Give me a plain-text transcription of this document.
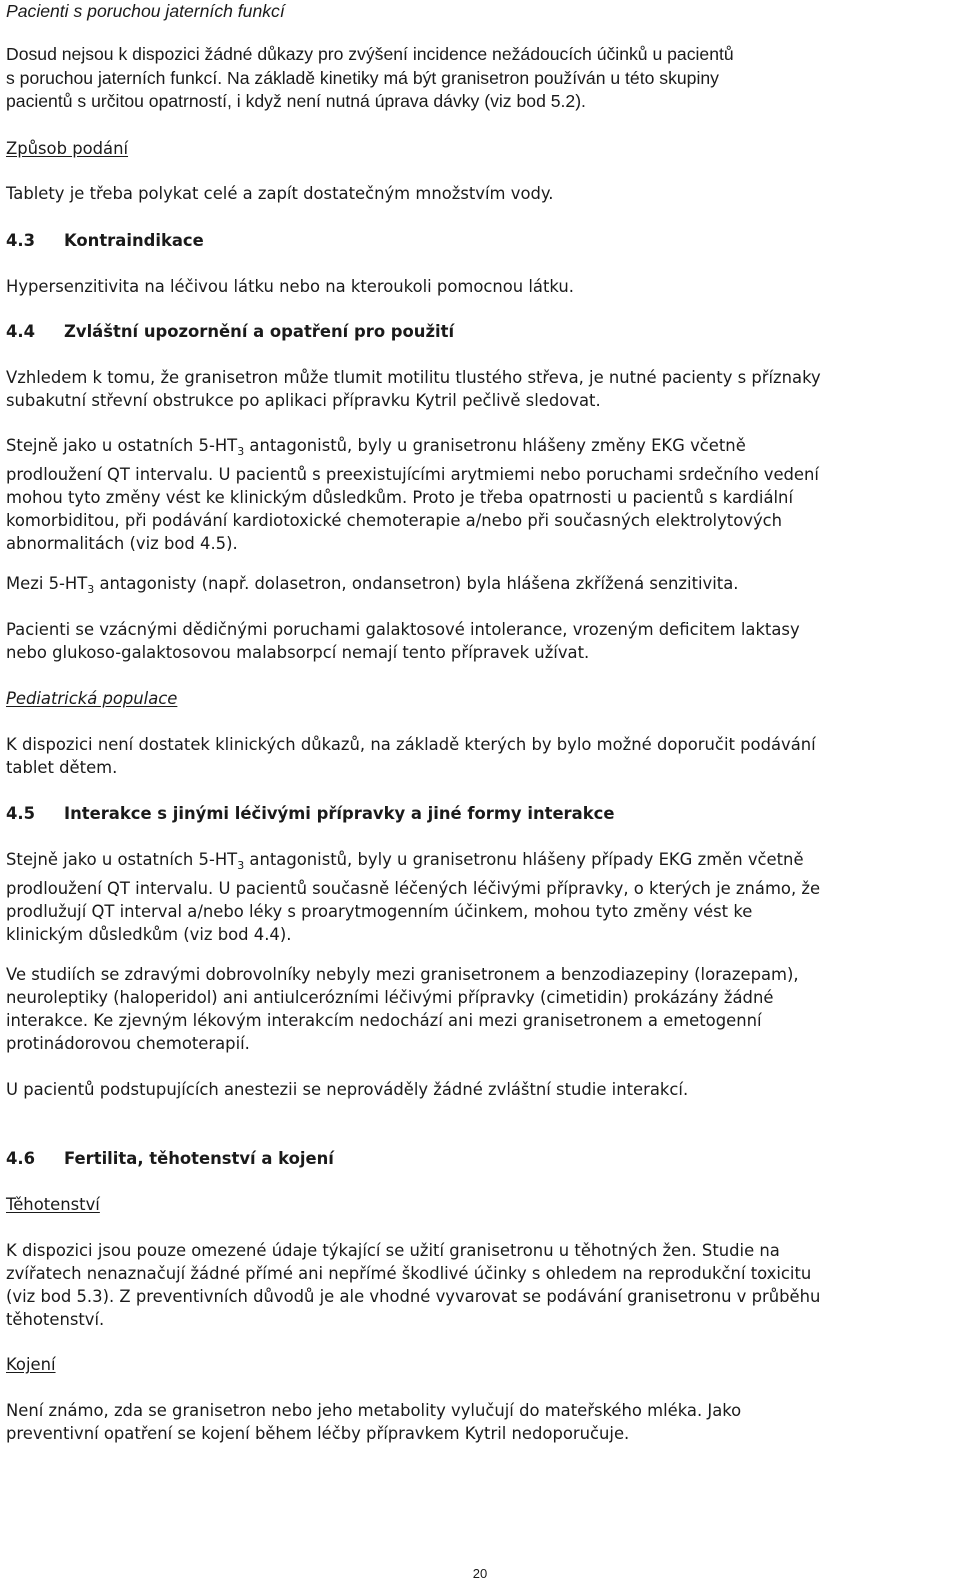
Pacienti s poruchou jaterních funkcí
Dosud nejsou k dispozici žádné důkazy pro zvýšení incidence nežádoucích účinků u pacientů
s poruchou jaterních funkcí. Na základě kinetiky má být granisetron používán u této skupiny
pacientů s určitou opatrností, i když není nutná úprava dávky (viz bod 5.2).
Způsob podání
Tablety je třeba polykat celé a zapít dostatečným množstvím vody.
4.3 Kontraindikace
Hypersenzitivita na léčivou látku nebo na kteroukoli pomocnou látku.
4.4 Zvláštní upozornění a opatření pro použití
Vzhledem k tomu, že granisetron může tlumit motilitu tlustého střeva, je nutné pacienty s příznaky
subakutní střevní obstrukce po aplikaci přípravku Kytril pečlivě sledovat.
Stejně jako u ostatních $5-HT_3$ antagonistů, byly u granisetronu hlášeny změny EKG včetně
prodloužení QT intervalu. U pacientů s preexistujícími arytmiemi nebo poruchami srdečního vedení
mohou tyto změny vést ke klinickým důsledkům. Proto je třeba opatrnosti u pacientů s kardiální
komorbiditou, při podávání kardiotoxické chemoterapie a/nebo při současných elektrolytových
abnormalitách (viz bod 4.5).
Mezi $5-HT_3$ antagonisty (např. dolasetron, ondansetron) byla hlášena zkřížená senzitivita.
Pacienti se vzácnými dědičnými poruchami galaktosové intolerance, vrozeným deficitem laktasy
nebo glukoso-galaktosovou malabsorpcí nemají tento přípravek užívat.
Pediatrická populace
K dispozici není dostatek klinických důkazů, na základě kterých by bylo možné doporučit podávání
tablet dětem.
4.5 Interakce s jinými léčivými přípravky a jiné formy interakce
Stejně jako u ostatních $5-HT_3$ antagonistů, byly u granisetronu hlášeny případy EKG změn včetně
prodloužení QT intervalu. U pacientů současně léčených léčivými přípravky, o kterých je známo, že
prodlužují QT interval a/nebo léky s proarytmogenním účinkem, mohou tyto změny vést ke
klinickým důsledkům (viz bod 4.4).
Ve studiích se zdravými dobrovolníky nebyly mezi granisetronem a benzodiazepiny (lorazepam),
neuroleptiky (haloperidol) ani antiulcerózními léčivými přípravky (cimetidin) prokázány žádné
interakce. Ke zjevným lékovým interakcím nedochází ani mezi granisetronem a emetogenní
protinádorovou chemoterapií.
U pacientů podstupujících anestezii se neprováděly žádné zvláštní studie interakcí.
4.6 Fertilita, těhotenství a kojení
Těhotenství
K dispozici jsou pouze omezené údaje týkající se užití granisetronu u těhotných žen. Studie na
zvířatech nenaznačují žádné přímé ani nepřímé škodlivé účinky s ohledem na reprodukční toxicitu
(viz bod 5.3). Z preventivních důvodů je ale vhodné vyvarovat se podávání granisetronu v průběhu
těhotenství.
Kojení
Není známo, zda se granisetron nebo jeho metabolity vylučují do mateřského mléka. Jako
preventivní opatření se kojení během léčby přípravkem Kytril nedoporučuje.
20
